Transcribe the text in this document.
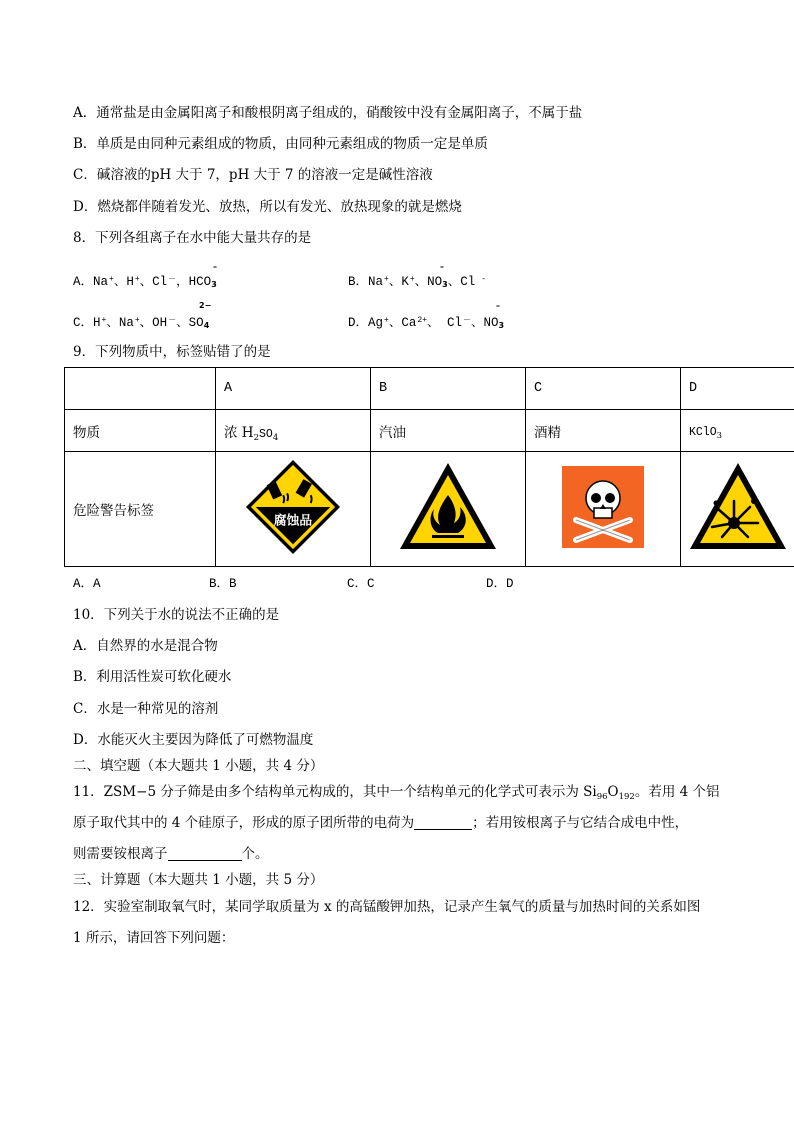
A．通常盐是由金属阳离子和酸根阴离子组成的，硝酸铵中没有金属阳离子，不属于盐
B．单质是由同种元素组成的物质，由同种元素组成的物质一定是单质
C．碱溶液的pH 大于 7，pH 大于 7 的溶液一定是碱性溶液
D．燃烧都伴随着发光、放热，所以有发光、放热现象的就是燃烧
8．下列各组离子在水中能大量共存的是
A．Na+、H+、Cl－，HCO3
–
B．Na+、K+、NO3、Cl -
–
C．H+、Na+、OH－、SO4
2−
D．Ag+、$Ca^{2+}$、 Cl－、NO3
–
9．下列物质中，标签贴错了的是
	A	B	C	D
物质	浓 $H_2SO_4$	汽油	酒精	KClO$_3$
危险警告标签	腐蚀品

A．A	B．B	C．C	D．D
10．下列关于水的说法不正确的是
A．自然界的水是混合物
B．利用活性炭可软化硬水
C．水是一种常见的溶剂
D．水能灭火主要因为降低了可燃物温度
二、填空题（本大题共 1 小题，共 4 分）
11．ZSM−5 分子筛是由多个结构单元构成的，其中一个结构单元的化学式可表示为 $Si_{96}O_{192}$。若用 4 个铝
原子取代其中的 4 个硅原子，形成的原子团所带的电荷为	；若用铵根离子与它结合成电中性，
则需要铵根离子	个。
三、计算题（本大题共 1 小题，共 5 分）
12．实验室制取氧气时，某同学取质量为 x 的高锰酸钾加热，记录产生氧气的质量与加热时间的关系如图
1 所示，请回答下列问题：
